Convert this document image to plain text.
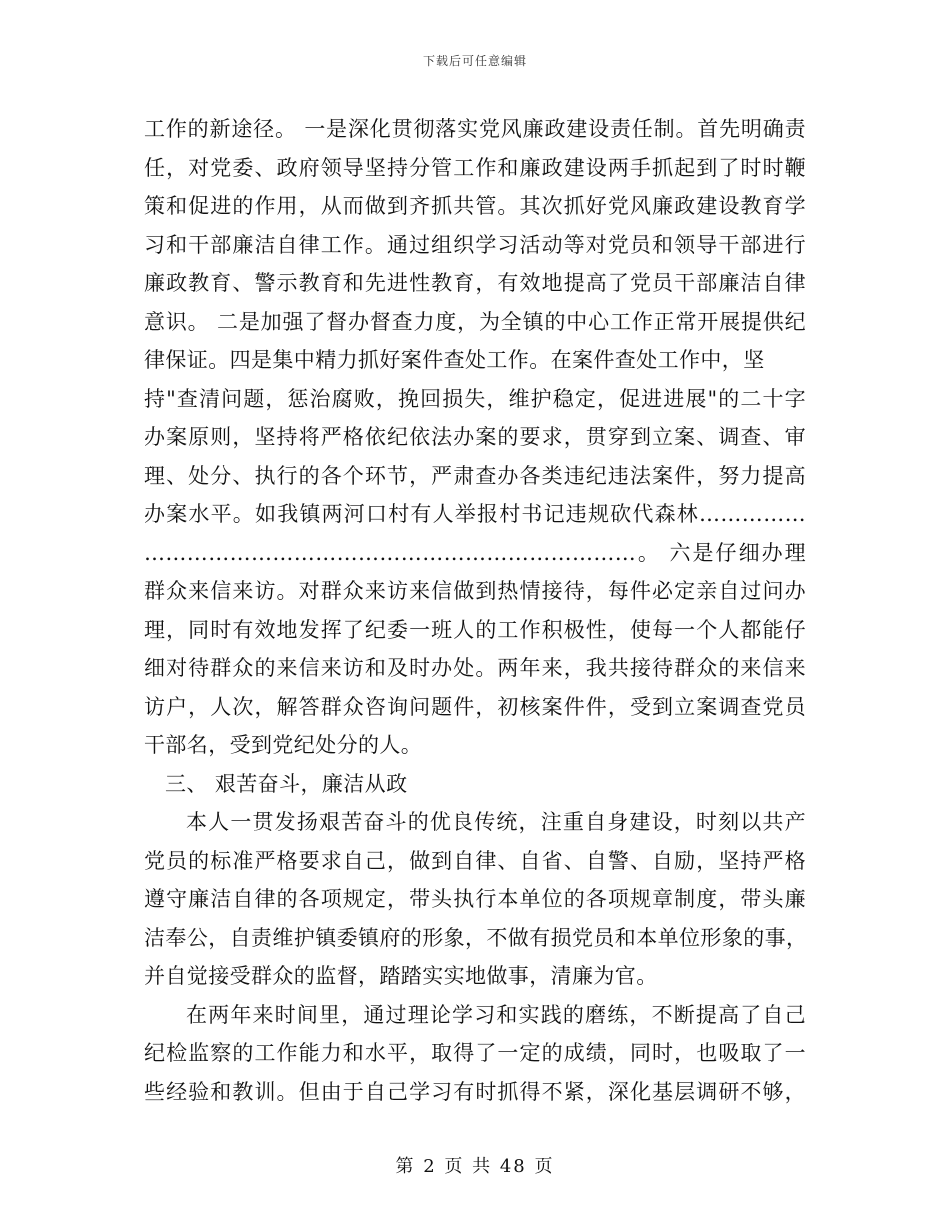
下载后可任意编辑
工作的新途径。 一是深化贯彻落实党风廉政建设责任制。首先明确责
任，对党委、政府领导坚持分管工作和廉政建设两手抓起到了时时鞭
策和促进的作用，从而做到齐抓共管。其次抓好党风廉政建设教育学
习和干部廉洁自律工作。通过组织学习活动等对党员和领导干部进行
廉政教育、警示教育和先进性教育，有效地提高了党员干部廉洁自律
意识。 二是加强了督办督查力度，为全镇的中心工作正常开展提供纪
律保证。四是集中精力抓好案件查处工作。在案件查处工作中，坚
持"查清问题，惩治腐败，挽回损失，维护稳定，促进进展"的二十字
办案原则，坚持将严格依纪依法办案的要求，贯穿到立案、调查、审
理、处分、执行的各个环节，严肃查办各类违纪违法案件，努力提高
办案水平。如我镇两河口村有人举报村书记违规砍代森林……………
……………………………………………………………。 六是仔细办理
群众来信来访。对群众来访来信做到热情接待，每件必定亲自过问办
理，同时有效地发挥了纪委一班人的工作积极性，使每一个人都能仔
细对待群众的来信来访和及时办处。两年来，我共接待群众的来信来
访户，人次，解答群众咨询问题件，初核案件件，受到立案调查党员
干部名，受到党纪处分的人。
三、 艰苦奋斗，廉洁从政
本人一贯发扬艰苦奋斗的优良传统，注重自身建设，时刻以共产
党员的标准严格要求自己，做到自律、自省、自警、自励，坚持严格
遵守廉洁自律的各项规定，带头执行本单位的各项规章制度，带头廉
洁奉公，自责维护镇委镇府的形象，不做有损党员和本单位形象的事，
并自觉接受群众的监督，踏踏实实地做事，清廉为官。
在两年来时间里，通过理论学习和实践的磨练，不断提高了自己
纪检监察的工作能力和水平，取得了一定的成绩，同时，也吸取了一
些经验和教训。但由于自己学习有时抓得不紧，深化基层调研不够，
第 2 页 共 48 页
